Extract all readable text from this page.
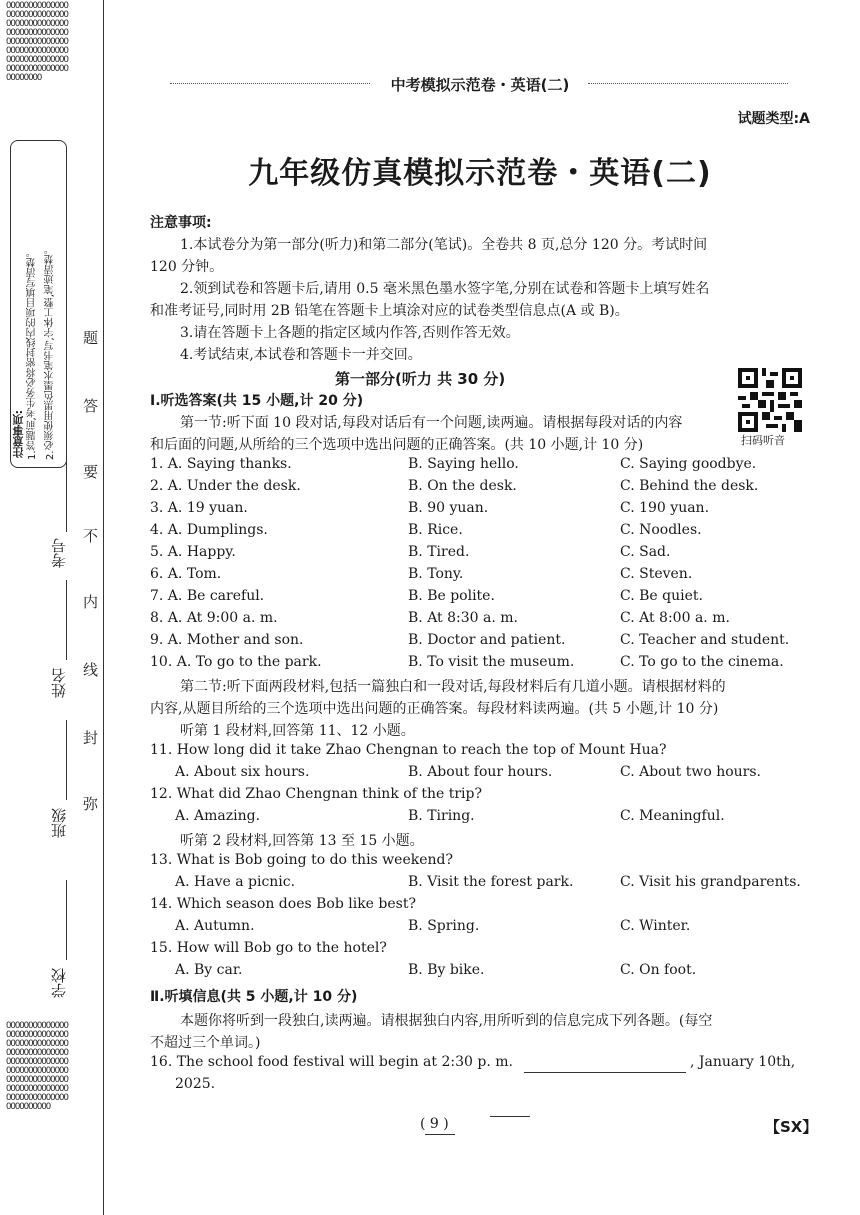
OOOOOOOOOOOOOOOOOOOOOOOOOOOOOOOOOOOOOOOOOOOOOOOOOOOOOOOOOOOOOOOOOOOOOOOOOOOOOOOOOOOOOOOOOOOOOOOOOOOOOOOOOOOOOOOOOOOOOOOO
OOOOOOOOOOOOOOOOOOOOOOOOOOOOOOOOOOOOOOOOOOOOOOOOOOOOOOOOOOOOOOOOOOOOOOOOOOOOOOOOOOOOOOOOOOOOOOOOOOOOOOOOOOOOOOOOOOOOOOOOOOOOOOOOOOOOOOOO
注意事项: 1.答题前,考生务必将密封线内的项目填写清楚。 2.必须使用黑色墨水笔书写,字体工整,笔迹清楚。 题
答
要
不
内
线
封
弥
学校
班级
姓名
考号
中考模拟示范卷・英语(二)
试题类型:A
九年级仿真模拟示范卷・英语(二)
注意事项:
1.本试卷分为第一部分(听力)和第二部分(笔试)。全卷共 8 页,总分 120 分。考试时间
120 分钟。
2.领到试卷和答题卡后,请用 0.5 毫米黑色墨水签字笔,分别在试卷和答题卡上填写姓名
和准考证号,同时用 2B 铅笔在答题卡上填涂对应的试卷类型信息点(A 或 B)。
3.请在答题卡上各题的指定区域内作答,否则作答无效。
4.考试结束,本试卷和答题卡一并交回。
第一部分(听力 共 30 分)
扫码听音
Ⅰ.听选答案(共 15 小题,计 20 分)
第一节:听下面 10 段对话,每段对话后有一个问题,读两遍。请根据每段对话的内容
和后面的问题,从所给的三个选项中选出问题的正确答案。(共 10 小题,计 10 分)
1. A. Saying thanks.	B. Saying hello.	C. Saying goodbye.
2. A. Under the desk.	B. On the desk.	C. Behind the desk.
3. A. 19 yuan.	B. 90 yuan.	C. 190 yuan.
4. A. Dumplings.	B. Rice.	C. Noodles.
5. A. Happy.	B. Tired.	C. Sad.
6. A. Tom.	B. Tony.	C. Steven.
7. A. Be careful.	B. Be polite.	C. Be quiet.
8. A. At 9:00 a. m.	B. At 8:30 a. m.	C. At 8:00 a. m.
9. A. Mother and son.	B. Doctor and patient.	C. Teacher and student.
10. A. To go to the park.	B. To visit the museum.	C. To go to the cinema.
第二节:听下面两段材料,包括一篇独白和一段对话,每段材料后有几道小题。请根据材料的
内容,从题目所给的三个选项中选出问题的正确答案。每段材料读两遍。(共 5 小题,计 10 分)
听第 1 段材料,回答第 11、12 小题。
11. How long did it take Zhao Chengnan to reach the top of Mount Hua?
A. About six hours.	B. About four hours.	C. About two hours.
12. What did Zhao Chengnan think of the trip?
A. Amazing.	B. Tiring.	C. Meaningful.
听第 2 段材料,回答第 13 至 15 小题。
13. What is Bob going to do this weekend?
A. Have a picnic.	B. Visit the forest park.	C. Visit his grandparents.
14. Which season does Bob like best?
A. Autumn.	B. Spring.	C. Winter.
15. How will Bob go to the hotel?
A. By car.	B. By bike.	C. On foot.
Ⅱ.听填信息(共 5 小题,计 10 分)
本题你将听到一段独白,读两遍。请根据独白内容,用所听到的信息完成下列各题。(每空
不超过三个单词。)
16. The school food festival will begin at 2:30 p. m.	, January 10th,
2025.
( 9 )	【SX】
